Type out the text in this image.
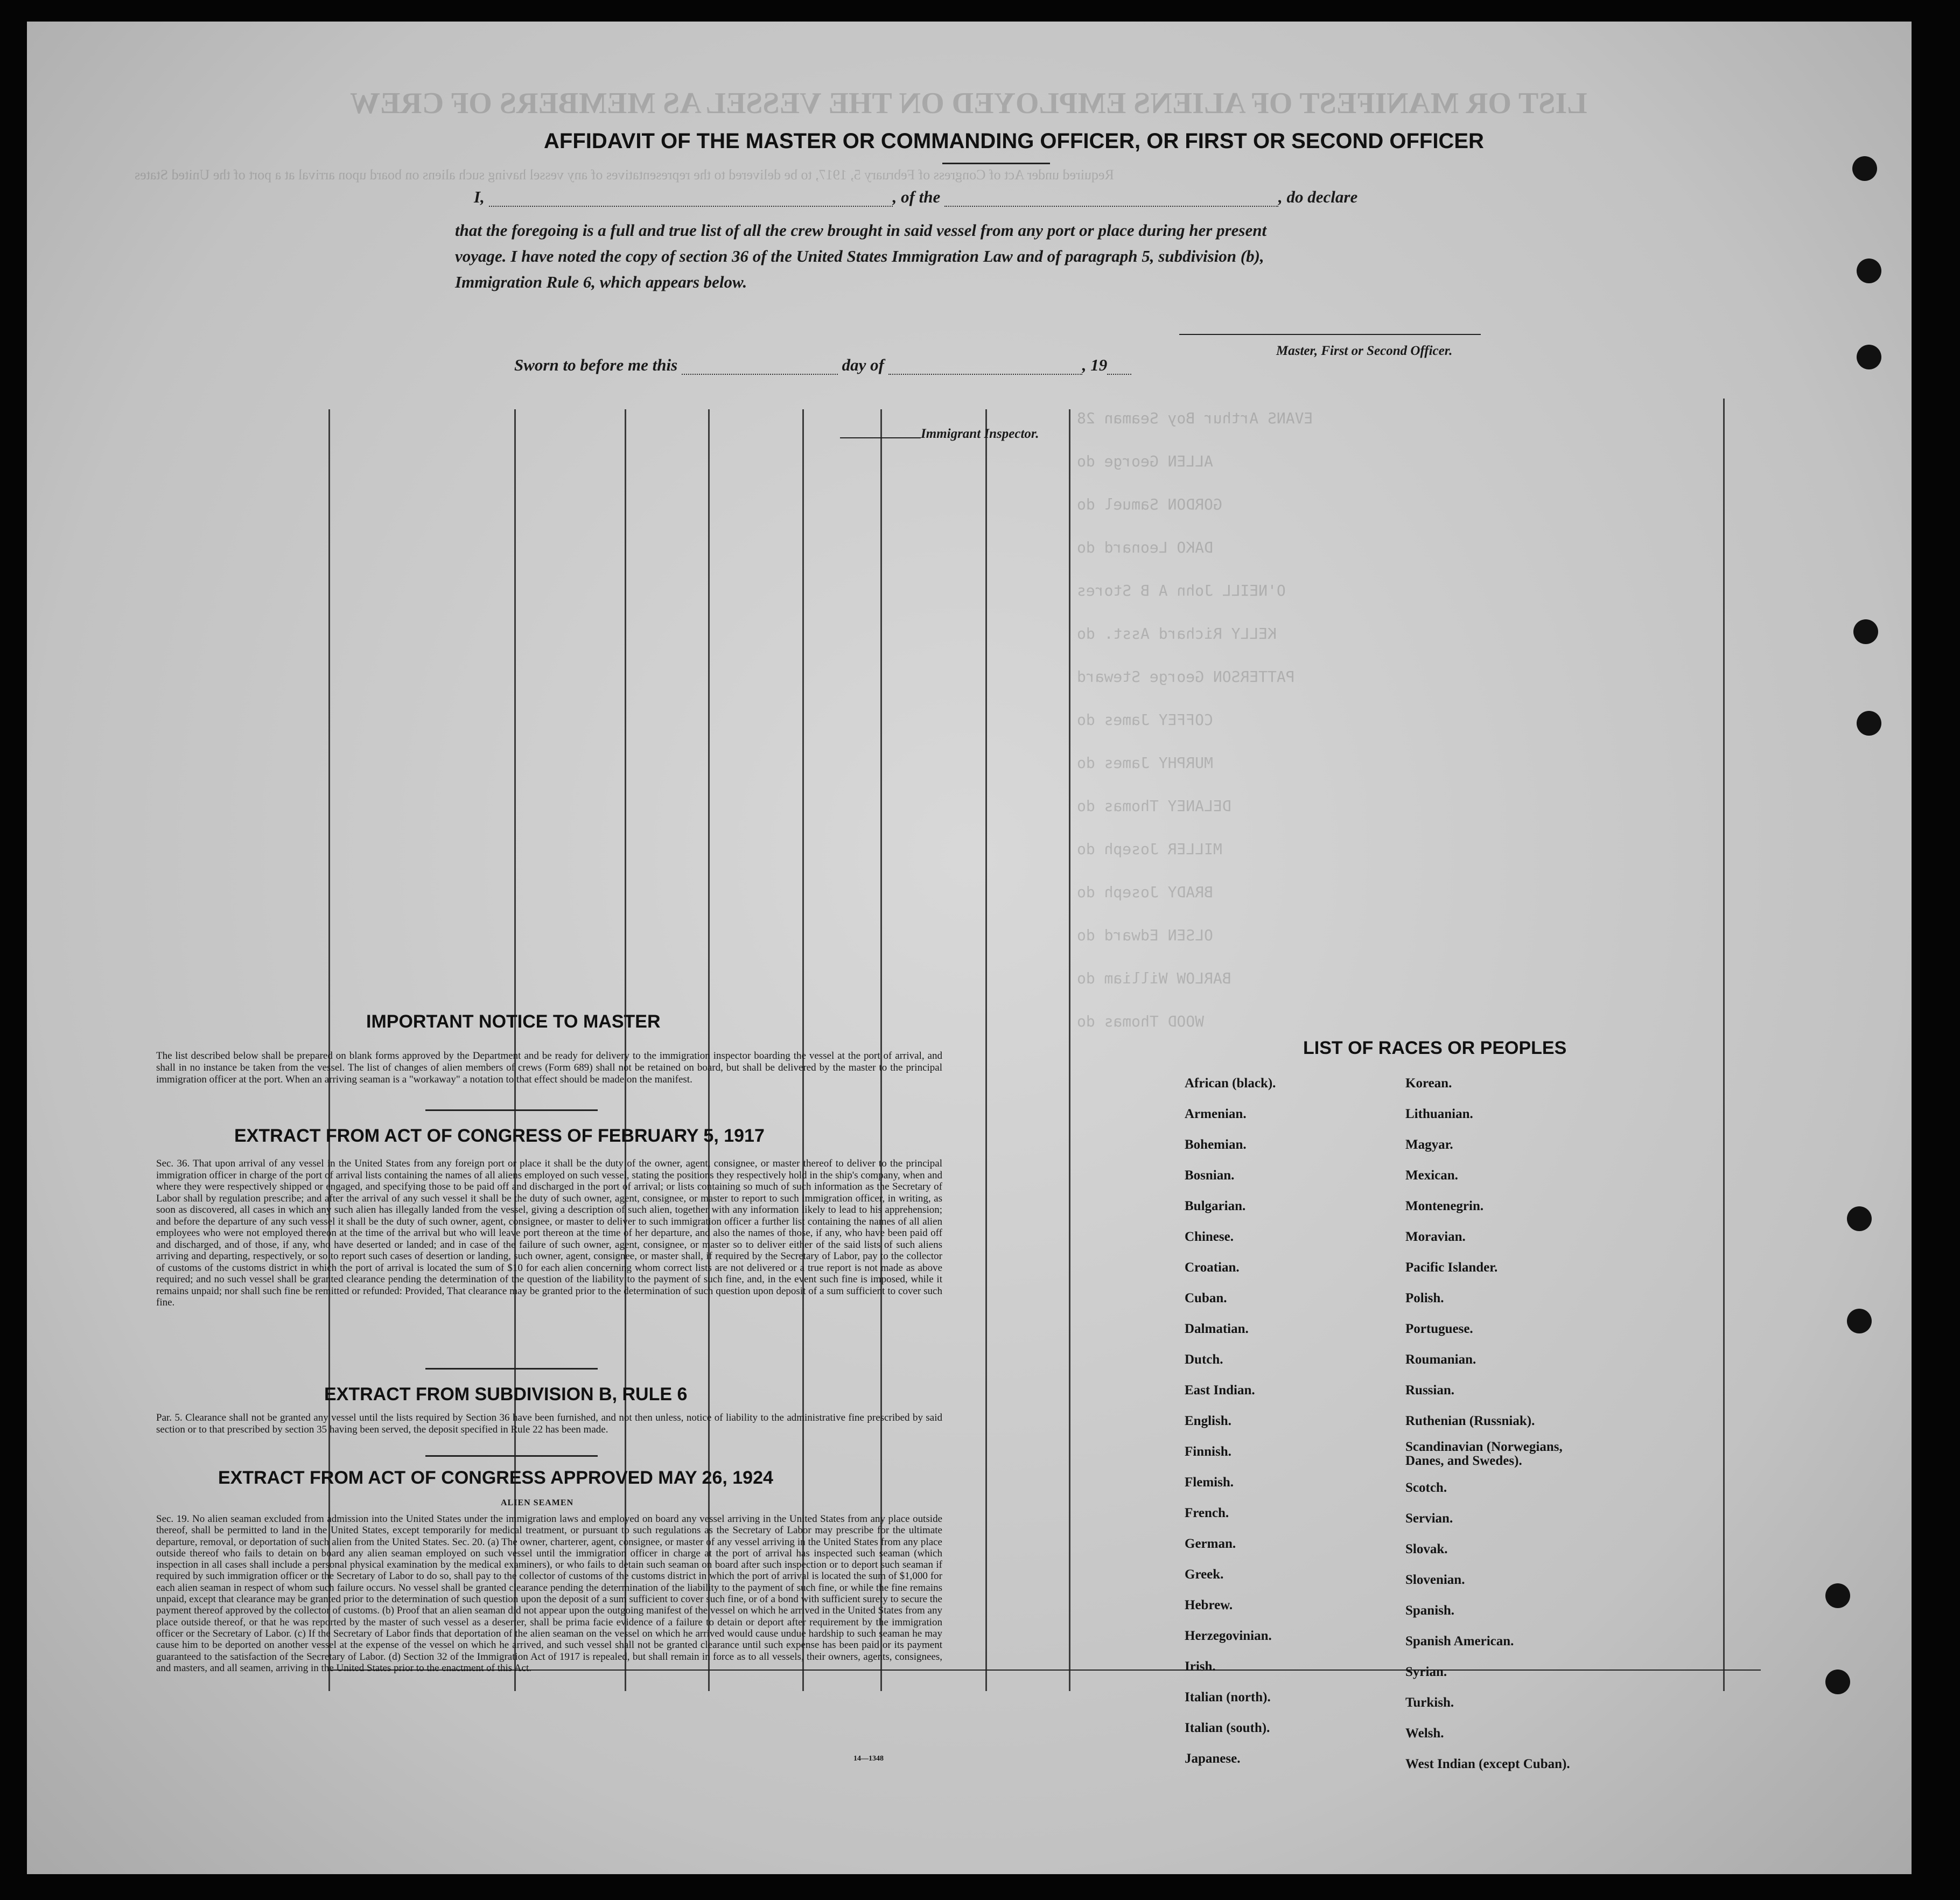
LIST OR MANIFEST OF ALIENS EMPLOYED ON THE VESSEL AS MEMBERS OF CREW
Required under Act of Congress of February 5, 1917, to be delivered to the representatives of any vessel having such aliens on board upon arrival at a port of the United States
EVANS Arthur Boy Seaman 28
ALLEN George do
GORDON Samuel do
DAKO Leonard do
O'NEILL John A B Stores
KELLY Richard Asst. do
PATTERSON George Steward
COFFEY James do
MURPHY James do
DELANEY Thomas do
MILLER Joseph do
BRADY Joseph do
OLSEN Edward do
BARLOW William do
WOOD Thomas do
AFFIDAVIT OF THE MASTER OR COMMANDING OFFICER, OR FIRST OR SECOND OFFICER
I,	, of the	, do declare
that the foregoing is a full and true list of all the crew brought in said vessel from any port or place during her present
voyage. I have noted the copy of section 36 of the United States Immigration Law and of paragraph 5, subdivision (b),
Immigration Rule 6, which appears below.
Master, First or Second Officer.
Sworn to before me this	day of	, 19
Immigrant Inspector.
IMPORTANT NOTICE TO MASTER
The list described below shall be prepared on blank forms approved by the Department and be ready for delivery to the immigration inspector boarding the vessel at the port of arrival, and shall in no instance be taken from the vessel. The list of changes of alien members of crews (Form 689) shall not be retained on board, but shall be delivered by the master to the principal immigration officer at the port. When an arriving seaman is a "workaway" a notation to that effect should be made on the manifest.
EXTRACT FROM ACT OF CONGRESS OF FEBRUARY 5, 1917
Sec. 36. That upon arrival of any vessel in the United States from any foreign port or place it shall be the duty of the owner, agent, consignee, or master thereof to deliver to the principal immigration officer in charge of the port of arrival lists containing the names of all aliens employed on such vessel, stating the positions they respectively hold in the ship's company, when and where they were respectively shipped or engaged, and specifying those to be paid off and discharged in the port of arrival; or lists containing so much of such information as the Secretary of Labor shall by regulation prescribe; and after the arrival of any such vessel it shall be the duty of such owner, agent, consignee, or master to report to such immigration officer, in writing, as soon as discovered, all cases in which any such alien has illegally landed from the vessel, giving a description of such alien, together with any information likely to lead to his apprehension; and before the departure of any such vessel it shall be the duty of such owner, agent, consignee, or master to deliver to such immigration officer a further list containing the names of all alien employees who were not employed thereon at the time of the arrival but who will leave port thereon at the time of her departure, and also the names of those, if any, who have been paid off and discharged, and of those, if any, who have deserted or landed; and in case of the failure of such owner, agent, consignee, or master so to deliver either of the said lists of such aliens arriving and departing, respectively, or so to report such cases of desertion or landing, such owner, agent, consignee, or master shall, if required by the Secretary of Labor, pay to the collector of customs of the customs district in which the port of arrival is located the sum of $10 for each alien concerning whom correct lists are not delivered or a true report is not made as above required; and no such vessel shall be granted clearance pending the determination of the question of the liability to the payment of such fine, and, in the event such fine is imposed, while it remains unpaid; nor shall such fine be remitted or refunded: Provided, That clearance may be granted prior to the determination of such question upon deposit of a sum sufficient to cover such fine.
EXTRACT FROM SUBDIVISION B, RULE 6
Par. 5. Clearance shall not be granted any vessel until the lists required by Section 36 have been furnished, and not then unless, notice of liability to the administrative fine prescribed by said section or to that prescribed by section 35 having been served, the deposit specified in Rule 22 has been made.
EXTRACT FROM ACT OF CONGRESS APPROVED MAY 26, 1924
ALIEN SEAMEN
Sec. 19. No alien seaman excluded from admission into the United States under the immigration laws and employed on board any vessel arriving in the United States from any place outside thereof, shall be permitted to land in the United States, except temporarily for medical treatment, or pursuant to such regulations as the Secretary of Labor may prescribe for the ultimate departure, removal, or deportation of such alien from the United States. Sec. 20. (a) The owner, charterer, agent, consignee, or master of any vessel arriving in the United States from any place outside thereof who fails to detain on board any alien seaman employed on such vessel until the immigration officer in charge at the port of arrival has inspected such seaman (which inspection in all cases shall include a personal physical examination by the medical examiners), or who fails to detain such seaman on board after such inspection or to deport such seaman if required by such immigration officer or the Secretary of Labor to do so, shall pay to the collector of customs of the customs district in which the port of arrival is located the sum of $1,000 for each alien seaman in respect of whom such failure occurs. No vessel shall be granted clearance pending the determination of the liability to the payment of such fine, or while the fine remains unpaid, except that clearance may be granted prior to the determination of such question upon the deposit of a sum sufficient to cover such fine, or of a bond with sufficient surety to secure the payment thereof approved by the collector of customs. (b) Proof that an alien seaman did not appear upon the outgoing manifest of the vessel on which he arrived in the United States from any place outside thereof, or that he was reported by the master of such vessel as a deserter, shall be prima facie evidence of a failure to detain or deport after requirement by the immigration officer or the Secretary of Labor. (c) If the Secretary of Labor finds that deportation of the alien seaman on the vessel on which he arrived would cause undue hardship to such seaman he may cause him to be deported on another vessel at the expense of the vessel on which he arrived, and such vessel shall not be granted clearance until such expense has been paid or its payment guaranteed to the satisfaction of the Secretary of Labor. (d) Section 32 of the Immigration Act of 1917 is repealed, but shall remain in force as to all vessels, their owners, agents, consignees, and masters, and all seamen, arriving in the United States prior to the enactment of this Act.
14—1348
LIST OF RACES OR PEOPLES
African (black).
Armenian.
Bohemian.
Bosnian.
Bulgarian.
Chinese.
Croatian.
Cuban.
Dalmatian.
Dutch.
East Indian.
English.
Finnish.
Flemish.
French.
German.
Greek.
Hebrew.
Herzegovinian.
Irish.
Italian (north).
Italian (south).
Japanese.
Korean.
Lithuanian.
Magyar.
Mexican.
Montenegrin.
Moravian.
Pacific Islander.
Polish.
Portuguese.
Roumanian.
Russian.
Ruthenian (Russniak).
Scandinavian (Norwegians, Danes, and Swedes).
Scotch.
Servian.
Slovak.
Slovenian.
Spanish.
Spanish American.
Syrian.
Turkish.
Welsh.
West Indian (except Cuban).
